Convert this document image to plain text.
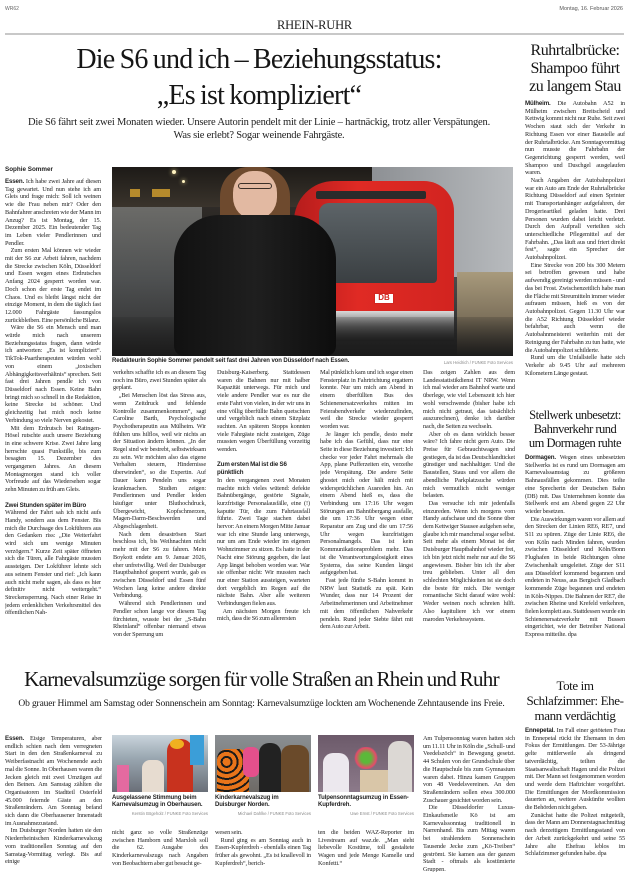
WR62	Montag, 16. Februar 2026
RHEIN-RUHR
Die S6 und ich – Beziehungsstatus:
„Es ist kompliziert“
Die S6 fährt seit zwei Monaten wieder. Unsere Autorin pendelt mit der Linie – hartnäckig, trotz aller Verspätungen.
Was sie erlebt? Sogar weinende Fahrgäste.
Sophie Sommer

Essen. Ich habe zwei Jahre auf diesen Tag gewartet. Und nun stehe ich am Gleis und frage mich: Soll ich weinen wie die Frau neben mir? Oder den Bahnfahrer anschreien wie der Mann im Anzug? Es ist Montag, der 15. Dezember 2025. Ein bedeutender Tag im Leben vieler Pendlerinnen und Pendler.

Zum ersten Mal können wir wieder mit der S6 zur Arbeit fahren, nachdem die Strecke zwischen Köln, Düsseldorf und Essen wegen eines Erdrutsches Anfang 2024 gesperrt worden war. Doch schon der erste Tag endet im Chaos. Und es bleibt längst nicht der einzige Moment, in dem die täglich fast 12.000 Fahrgäste fassungslos zurückbleiben. Eine persönliche Bilanz.

Wäre die S6 ein Mensch und man würde mich nach unserem Beziehungsstatus fragen, dann würde ich antworten: „Es ist kompliziert“. TikTok-Paartherapeuten würden wohl von einem „toxischen Abhängigkeitsverhältnis“ sprechen. Seit fast drei Jahren pendle ich von Düsseldorf nach Essen. Keine Bahn bringt mich so schnell in die Redaktion, keine Strecke ist schöner. Und gleichzeitig hat mich noch keine Verbindung so viele Nerven gekostet.

Mit dem Erdrutsch bei Ratingen-Hösel rutschte auch unsere Beziehung in eine schwere Krise. Zwei Jahre lang herrschte quasi Funkstille, bis zum besagten 15. Dezember des vergangenen Jahres. An diesem Montagmorgen stand ich voller Vorfreude auf das Wiedersehen sogar zehn Minuten zu früh am Gleis.

Zwei Stunden später im Büro

Während der Fahrt sah ich nicht aufs Handy, sondern aus dem Fenster. Bis mich die Durchsage des Lokführers aus den Gedanken riss: „Die Weiterfahrt wird sich um wenige Minuten verzögern.“ Kurze Zeit später öffneten sich die Türen, alle Fahrgäste mussten aussteigen. Der Lokführer lehnte sich aus seinem Fenster und rief: „Ich kann auch nicht mehr sagen, als dass es hier definitiv nicht weitergeht.“ Streckensperrung. Nach einer Reise in jedem erdenklichen Verkehrsmittel des öffentlichen Nah-

DB
Redakteurin Sophie Sommer pendelt seit fast drei Jahren von Düsseldorf nach Essen.	Lars Heidrich / FUNKE Foto Services

verkehrs schaffte ich es an diesem Tag noch ins Büro, zwei Stunden später als geplant.

„Bei Menschen löst das Stress aus, wenn Zeitdruck und fehlende Kontrolle zusammenkommen“, sagt Caroline Barth, Psychologische Psychotherapeutin aus Mülheim. Wir fühlten uns hilflos, weil wir nichts an der Situation ändern können. „In der Regel sind wir bestrebt, selbstwirksam zu sein. Wir möchten also das eigene Verhalten steuern, Hindernisse überwinden“, so die Expertin. Auf Dauer kann Pendeln uns sogar krankmachen. Studien zeigen: Pendlerinnen und Pendler leiden häufiger unter Bluthochdruck, Übergewicht, Kopfschmerzen, Magen-Darm-Beschwerden und Abgeschlagenheit.

Nach dem desaströsen Start beschloss ich, bis Weihnachten nicht mehr mit der S6 zu fahren. Mein Boykott endete am 9. Januar 2026, eher unfreiwillig. Weil der Duisburger Hauptbahnhof gesperrt wurde, gab es zwischen Düsseldorf und Essen fünf Wochen lang keine andere direkte Verbindung.

Während sich Pendlerinnen und Pendler schon lange vor diesem Tag fürchteten, wusste bei der „S-Bahn Rheinland“ offenbar niemand etwas von der Sperrung um

Duisburg-Kaiserberg. Stattdessen waren die Bahnen nur mit halber Kapazität unterwegs. Für mich und viele andere Pendler war es nur die erste Fahrt von vielen, in der wir uns in eine völlig überfüllte Bahn quetschten und vergeblich nach einem Sitzplatz suchten. An späteren Stopps konnten viele Fahrgäste nicht zusteigen, Züge mussten wegen Überfüllung vorzeitig wenden.

Zum ersten Mal ist die S6 pünktlich

In den vergangenen zwei Monaten machte mich vieles wütend: defekte Bahnübergänge, gestörte Signale, kurzfristige Personalausfälle, eine (!) kaputte Tür, die zum Fahrtausfall führte. Zwei Tage stachen dabei hervor: An einem Morgen Mitte Januar war ich eine Stunde lang unterwegs, nur um am Ende wieder im eigenen Wohnzimmer zu sitzen. Es hatte in der Nacht eine Störung gegeben, die laut App längst behoben worden war. War sie offenbar nicht: Wir mussten nach nur einer Station aussteigen, warteten dort vergeblich im Regen auf die nächste Bahn. Aber alle weiteren Verbindungen fielen aus.

Am nächsten Morgen freute ich mich, dass die S6 zum allerersten

Mal pünktlich kam und ich sogar einen Fensterplatz in Fahrtrichtung ergattern konnte. Nur um mich am Abend in einem überfüllten Bus des Schienenersatzverkehrs mitten im Feierabendverkehr wiederzufinden, weil die Strecke wieder gesperrt worden war.

Je länger ich pendle, desto mehr habe ich das Gefühl, dass nur eine Seite in diese Beziehung investiert: Ich checke vor jeder Fahrt mehrmals die App, plane Pufferzeiten ein, verzeihe jede Verspätung. Die andere Seite ghostet mich oder hält mich mit widersprüchlichen Ausreden hin. An einem Abend hieß es, dass die Verbindung um 17:16 Uhr wegen Störungen am Bahnübergang ausfalle, die um 17:36 Uhr wegen einer Reparatur am Zug und die um 17:56 Uhr wegen kurzfristigen Personalmangels. Das ist kein Kommunikationsproblem mehr. Das ist die Verantwortungslosigkeit eines Systems, das seine Kunden längst aufgegeben hat.

Fast jede fünfte S-Bahn kommt in NRW laut Statistik zu spät. Kein Wunder, dass nur 14 Prozent der Arbeitnehmerinnen und Arbeitnehmer mit dem öffentlichen Nahverkehr pendeln. Rund jeder Siebte fährt mit dem Auto zur Arbeit.

Das zeigen Zahlen aus dem Landesstatistikdienst IT NRW. Wenn ich mal wieder am Bahnhof warte und überlege, wie viel Lebenszeit ich hier wohl verschwende (bisher habe ich mich nicht getraut, das tatsächlich auszurechnen), denke ich darüber nach, die Seiten zu wechseln.

Aber ob es dann wirklich besser wäre? Ich fahre nicht gern Auto. Die Preise für Gebrauchtwagen sind gestiegen, da ist das Deutschlandticket günstiger und nachhaltiger. Und die Baustellen, Staus und vor allem die abendliche Parkplatzsuche würden mich vermutlich nicht weniger belasten.

Das versuche ich mir jedenfalls einzureden. Wenn ich morgens vom Handy aufschaue und die Sonne über dem Kettwiger Stausee aufgehen sehe, glaube ich mir manchmal sogar selbst. Seit mehr als einem Monat ist der Duisburger Hauptbahnhof wieder frei, ich bin jetzt nicht mehr nur auf die S6 angewiesen. Bisher bin ich ihr aber treu geblieben. Unter all den schlechten Möglichkeiten ist sie doch die beste für mich. Die weniger romantische Sicht darauf wäre wohl: Weder weinen noch schreien hilft. Also kapituliere ich vor einem maroden Verkehrssystem.

Ruhrtalbrücke:
Shampoo führt
zu langem Stau

Mülheim. Die Autobahn A52 in Mülheim zwischen Breitscheid und Kettwig kommt nicht nur Ruhe. Seit zwei Wochen staut sich der Verkehr in Richtung Essen vor einer Baustelle auf der Ruhrtalbrücke. Am Sonntagvormittag nun musste die Fahrbahn der Gegenrichtung gesperrt werden, weil Shampoo und Duschgel ausgelaufen waren.

Nach Angaben der Autobahnpolizei war ein Auto am Ende der Ruhrtalbrücke Richtung Düsseldorf auf einen Sprinter mit Transportanhänger aufgefahren, der Drogerieartikel geladen hatte. Drei Personen wurden dabei leicht verletzt. Durch den Aufprall verteilten sich unterschiedliche Pflegemittel auf der Fahrbahn. „Das läuft aus und friert direkt fest“, sagte ein Sprecher der Autobahnpolizei.

Eine Strecke von 200 bis 300 Metern sei betroffen gewesen und habe aufwendig gereinigt werden müssen - und das bei Frost. Zwischenzeitlich habe man die Fläche mit Streumitteln immer wieder aufrauen müssen, hieß es von der Autobahnpolizei. Gegen 11.30 Uhr war die A52 Richtung Düsseldorf wieder befahrbar, auch wenn die Autobahnmeisterei weiterhin mit der Reinigung der Fahrbahn zu tun hatte, wie die Autobahnpolizei schilderte.

Rund um die Unfallstelle hatte sich Verkehr ab 9.45 Uhr auf mehreren Kilometern Länge gestaut.

Stellwerk unbesetzt:
Bahnverkehr rund
um Dormagen ruhte

Dormagen. Wegen eines unbesetzten Stellwerks ist es rund um Dormagen am Karnevalssamstag zu größeren Bahnausfällen gekommen. Dies teilte eine Sprecherin der Deutschen Bahn (DB) mit. Das Unternehmen konnte das Stellwerk erst am Abend gegen 22 Uhr wieder besetzen.

Die Auswirkungen waren vor allem auf den Strecken der Linien RE6, RE7, und S11 zu spüren. Züge der Linie RE6, die von Köln nach Minden fahren, wurden zwischen Düsseldorf und Köln/Bonn Flughafen in beide Richtungen ohne Zwischenhalt umgeleitet. Züge der S11 aus Düsseldorf kommend begannen und endeten in Neuss, aus Bergisch Gladbach kommende Züge begannen und endeten in Köln-Nippes. Die Bahnen der RE7, die zwischen Rheine und Krefeld verkehren, fielen komplett aus. Stattdessen wurde ein Schienenersatzverkehr mit Bussen eingerichtet, wie der Betreiber National Express mitteilte. dpa

Karnevalsumzüge sorgen für volle Straßen an Rhein und Ruhr
Ob grauer Himmel am Samstag oder Sonnenschein am Sonntag: Karnevalsumzüge lockten am Wochenende Zehntausende ins Freie.

Essen. Eisige Temperaturen, aber endlich schien nach dem verregneten Start in den den Straßenkarneval zu Weiberfastnacht am Wochenende auch mal die Sonne. In Oberhausen waren die Jecken gleich mit zwei Umzügen auf den Beinen. Am Samstag zählten die Organisatoren im Stadtteil Osterfeld 45.000 feiernde Gäste an den Straßenrändern. Am Sonntag befand sich dann die Oberhausener Innenstadt im Ausnahmezustand.

Im Duisburger Norden hatten sie den Niederrheinischen Kinderkarnevalszug vom traditionellen Sonntag auf den Samstag-Vormittag verlegt. Bis auf einige

Ausgelassene Stimmung beim Karnevalsumzug in Oberhausen.
Kerstin Bögeholz / FUNKE Foto Services
Kinderkarnevalszug im Duisburger Norden.
Michael Dahlke / FUNKE Foto Services
Tulpensonntagsumzug in Essen-Kupferdreh.
Uwe Ernst / FUNKE Foto Services

nicht ganz so volle Straßenzüge zwischen Hamborn und Marxloh soll die 62. Ausgabe des Kinderkarnevalszugs nach Angaben von Beobachtern aber gut besucht ge-

wesen sein.

Rund ging es am Sonntag auch in Essen-Kupferdreh - ebenfalls einen Tag früher als gewohnt. „Es ist knallevoll in Kupferdreh“, berich-

ten die beiden WAZ-Reporter im Livestream auf waz.de. „Man sieht liebevolle Kostüme, toll gestaltete Wagen und jede Menge Kamelle und Konfetti.“

Am Tulpensonntag waren hatten sich um 11.11 Uhr in Köln die „Schull- und Veedelszöch“ in Bewegung gesetzt. 44 Schulen von der Grundschule über die Hauptschule bis zum Gymnasium waren dabei. Hinzu kamen Gruppen von 48 Veedelsvereinen. An den Straßenrändern sollen etwa 300.000 Zuschauer gesichtet worden sein.

Die Düsseldorfer Luxus-Einkaufsmeile Kö ist am Karnevalssonntag traditionell in Narrenhand. Bis zum Mittag waren bei strahlendem Sonnenschein Tausende Jecke zum „Kö-Treiben“ geströmt. Sie kamen aus der ganzen Stadt - oftmals als kostümierte Gruppen.

Tote im
Schlafzimmer: Ehe-
mann verdächtig

Ennepetal. Im Fall einer getöteten Frau in Ennepetal rückt ihr Ehemann in den Fokus der Ermittlungen. Der 53-Jährige gelte mittlerweile als dringend tatverdächtig, teilten die Staatsanwaltschaft Hagen und die Polizei mit. Der Mann sei festgenommen worden und werde dem Haftrichter vorgeführt. Die Ermittlungen der Mordkommission dauerten an, weitere Auskünfte wollten die Behörden nicht geben.

Zunächst hatte die Polizei mitgeteilt, dass der Mann am Donnerstagnachmittag nach derzeitigem Ermittlungsstand von der Arbeit zurückgekehrt und seine 55 Jahre alte Ehefrau leblos im Schlafzimmer gefunden habe. dpa
